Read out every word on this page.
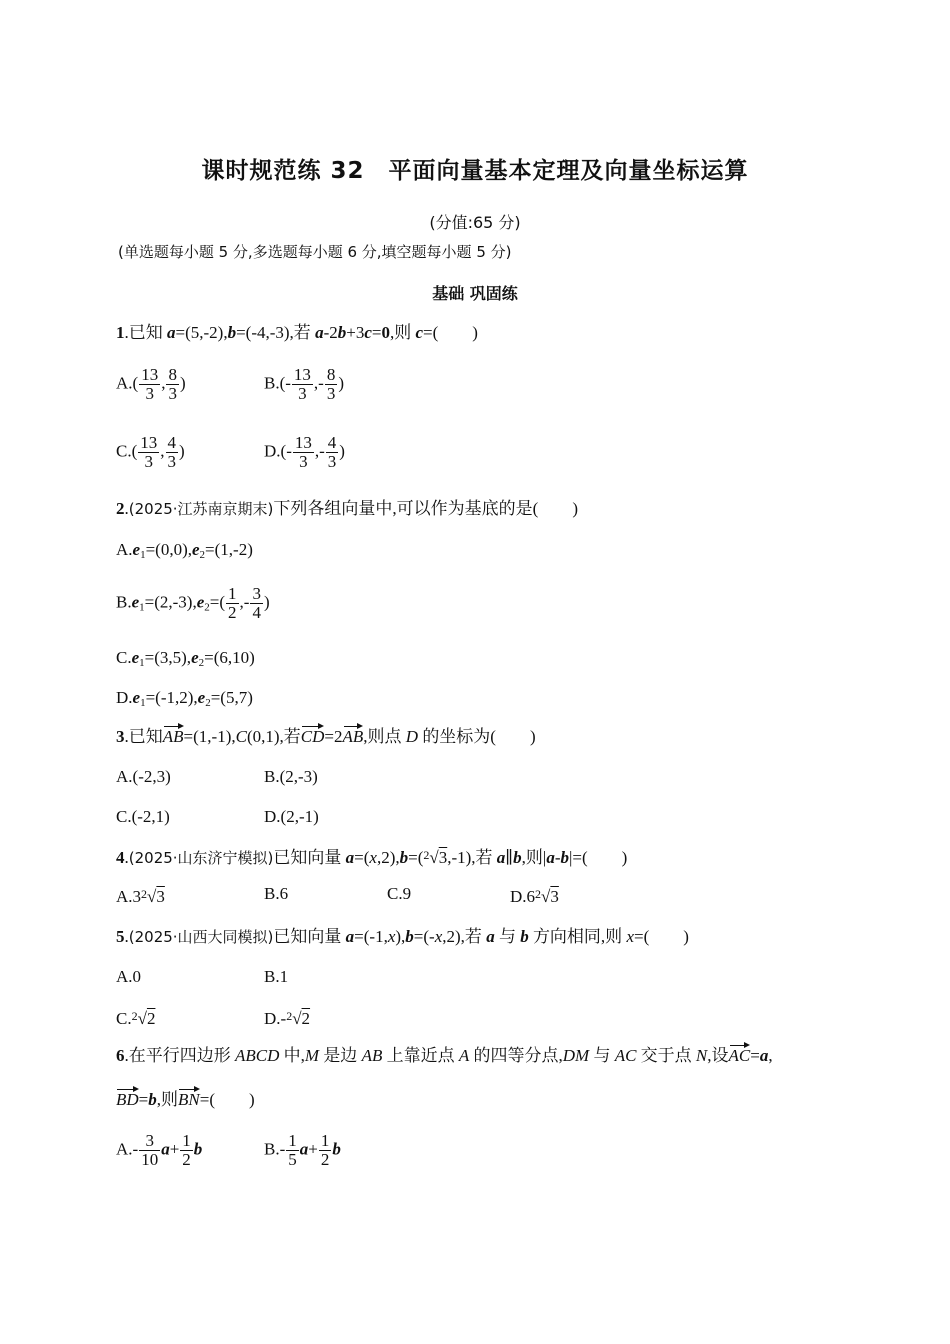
课时规范练 32　平面向量基本定理及向量坐标运算
(分值:65 分)
(单选题每小题 5 分,多选题每小题 6 分,填空题每小题 5 分)
基础 巩固练
1.已知 a=(5,-2),b=(-4,-3),若 a-2b+3c=0,则 c=(　　)
$A.( \frac{13}{3}$ , $\frac{8}{3}$ )	$B.(- \frac{13}{3}$ ,- $\frac{8}{3}$ )
$C.( \frac{13}{3}$ , $\frac{4}{3}$ )	$D.(- \frac{13}{3}$ ,- $\frac{4}{3}$ )
2.(2025·江苏南京期末)下列各组向量中,可以作为基底的是(　　)
$A.e_1=(0,0),e_2=(1,-2)$
$B.e_1=(2,-3),e_2=( \frac{1}{2}$ ,- $\frac{3}{4}$ )
$C.e_1=(3,5),e_2=(6,10)$
$D.e_1=(-1,2),e_2=(5,7)$
3.已知AB=(1,-1),C(0,1),若CD=2AB,则点 D 的坐标为(　　)
A.(-2,3)	B.(2,-3)
C.(-2,1)	D.(2,-1)
4.(2025·山东济宁模拟)已知向量 a=(x,2),b=($^2$√3,-1),若 a∥b,则|a-b|=(　　)
$A.3^2√3$	B.6	C.9	$D.6^2√3$
5.(2025·山西大同模拟)已知向量 a=(-1,x),b=(-x,2),若 a 与 b 方向相同,则 x=(　　)
A.0	B.1
C.$^2$√2	D.-$^2$√2
6.在平行四边形 ABCD 中,M 是边 AB 上靠近点 A 的四等分点,DM 与 AC 交于点 N,设AC=a,
BD=b,则BN=(　　)
$A.- \frac{3}{10} a+ \frac{1}{2}$ b	$B.- \frac{1}{5} a+ \frac{1}{2}$ b
